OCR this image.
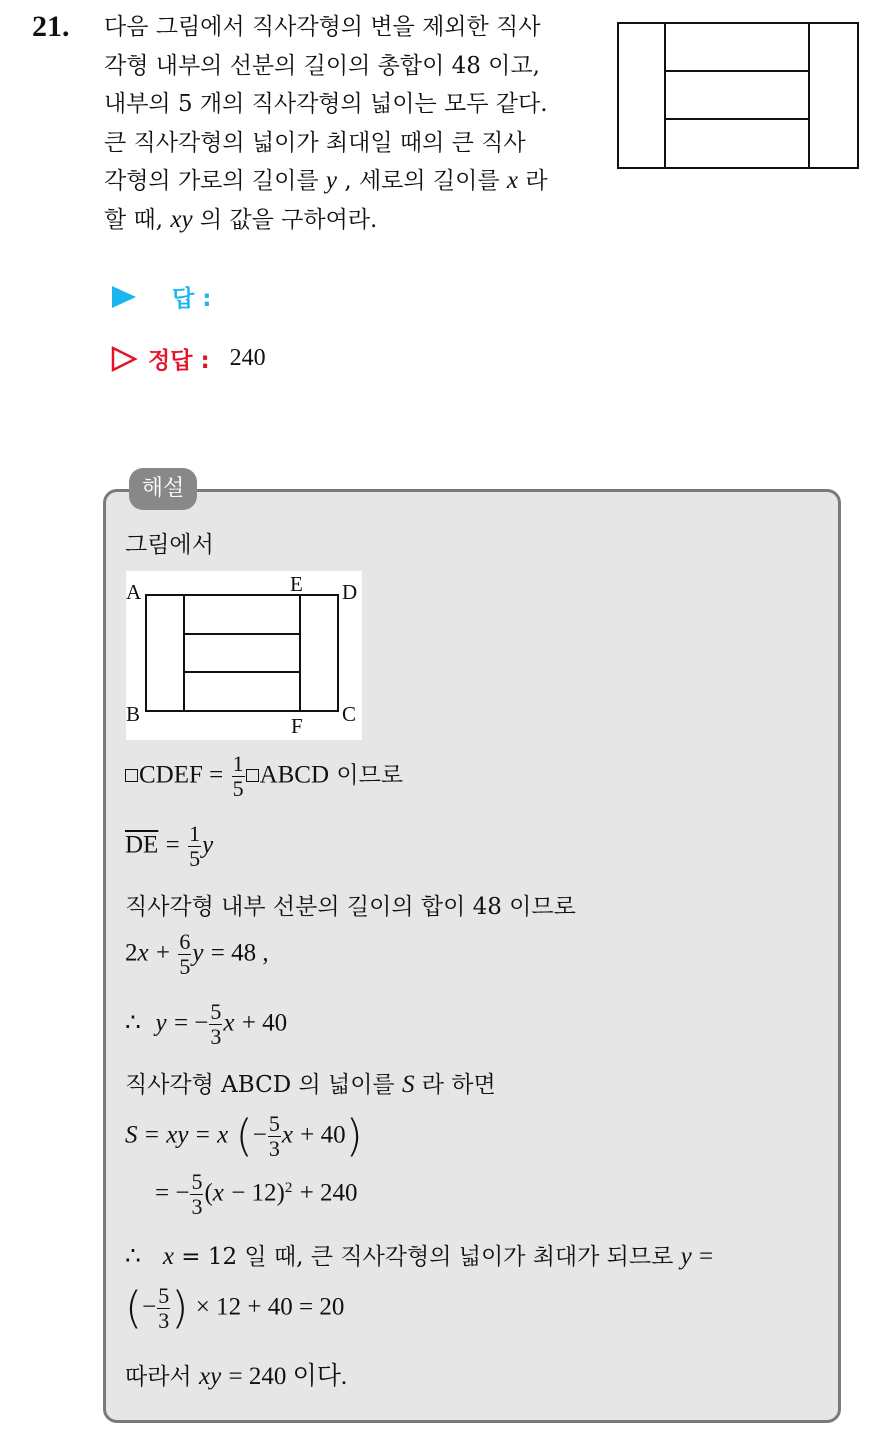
21. 다음 그림에서 직사각형의 변을 제외한 직사
각형 내부의 선분의 길이의 총합이 48 이고,
내부의 5 개의 직사각형의 넓이는 모두 같다.
큰 직사각형의 넓이가 최대일 때의 큰 직사
각형의 가로의 길이를 y , 세로의 길이를 x 라
할 때, xy 의 값을 구하여라.
답 :
정답 : 240
해설
그림에서
A	E D
B	F C
CDEF = $\frac{1}{5}$ ABCD 이므로
$\overline{DE} = \frac{1}{5}$ y
직사각형 내부 선분의 길이의 합이 48 이므로
$2x + \frac{6}{5}$ y = 48 ,
∴ y = − $\frac{5}{3}$ x + 40
직사각형 ABCD 의 넓이를 S 라 하면
S = xy = x (− $\frac{5}{3}$ x + 40)
= − $\frac{5}{3} (x - 12)^2 + 240$
∴ x = 12 일 때, 큰 직사각형의 넓이가 최대가 되므로 y =
(− $\frac{5}{3}$ ) × 12 + 40 = 20
따라서 xy = 240 이다.
